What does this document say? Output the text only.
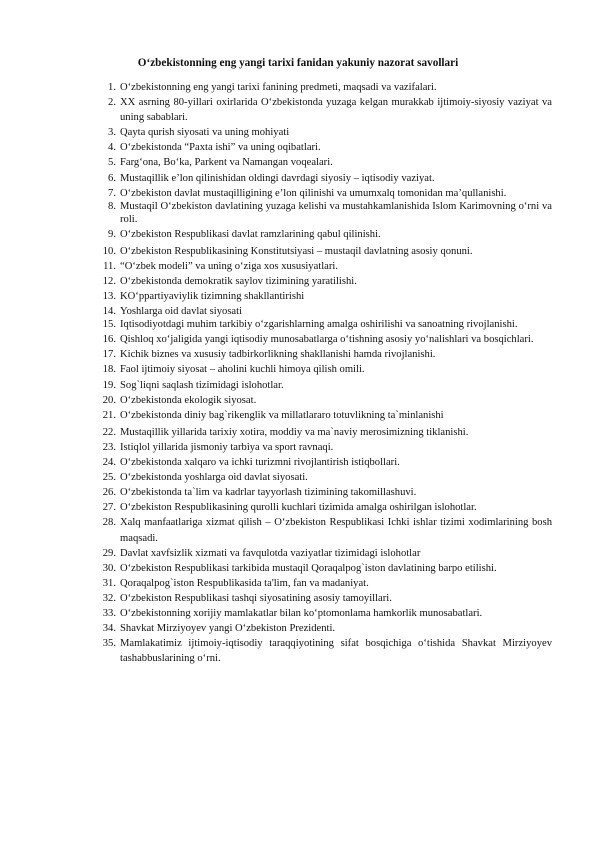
O‘zbekistonning eng yangi tarixi fanidan yakuniy nazorat savollari
1. O‘zbekistonning eng yangi tarixi fanining predmeti, maqsadi va vazifalari.
2. XX asrning 80-yillari oxirlarida O‘zbekistonda yuzaga kelgan murakkab ijtimoiy-siyosiy vaziyat va uning sabablari.
3. Qayta qurish siyosati va uning mohiyati
4. O‘zbekistonda “Paxta ishi” va uning oqibatlari.
5. Farg‘ona, Bo‘ka, Parkent va Namangan voqealari.
6. Mustaqillik e’lon qilinishidan oldingi davrdagi siyosiy – iqtisodiy vaziyat.
7. O‘zbekiston davlat mustaqilligining e’lon qilinishi va umumxalq tomonidan ma’qullanishi.
8. Mustaqil O‘zbekiston davlatining yuzaga kelishi va mustahkamlanishida Islom Karimovning o‘rni va roli.
9. O‘zbekiston Respublikasi davlat ramzlarining qabul qilinishi.
10. O‘zbekiston Respublikasining Konstitutsiyasi – mustaqil davlatning asosiy qonuni.
11. “O‘zbek modeli” va uning o‘ziga xos xususiyatlari.
12. O‘zbekistonda demokratik saylov tizimining yaratilishi.
13. KO‘ppartiyaviylik tizimning shakllantirishi
14. Yoshlarga oid davlat siyosati
15. Iqtisodiyotdagi muhim tarkibiy o‘zgarishlarning amalga oshirilishi va sanoatning rivojlanishi.
16. Qishloq xo‘jaligida yangi iqtisodiy munosabatlarga o‘tishning asosiy yo‘nalishlari va bosqichlari.
17. Kichik biznes va xususiy tadbirkorlikning shakllanishi hamda rivojlanishi.
18. Faol ijtimoiy siyosat – aholini kuchli himoya qilish omili.
19. Sog`liqni saqlash tizimidagi islohotlar.
20. O‘zbekistonda ekologik siyosat.
21. O‘zbekistonda diniy bag`rikenglik va millatlararo totuvlikning ta`minlanishi
22. Mustaqillik yillarida tarixiy xotira, moddiy va ma`naviy merosimizning tiklanishi.
23. Istiqlol yillarida jismoniy tarbiya va sport ravnaqi.
24. O‘zbekistonda xalqaro va ichki turizmni rivojlantirish istiqbollari.
25. O‘zbekistonda yoshlarga oid davlat siyosati.
26. O‘zbekistonda ta`lim va kadrlar tayyorlash tizimining takomillashuvi.
27. O‘zbekiston Respublikasining qurolli kuchlari tizimida amalga oshirilgan islohotlar.
28. Xalq manfaatlariga xizmat qilish – O‘zbekiston Respublikasi Ichki ishlar tizimi xodimlarining bosh maqsadi.
29. Davlat xavfsizlik xizmati va favqulotda vaziyatlar tizimidagi islohotlar
30. O‘zbekiston Respublikasi tarkibida mustaqil Qoraqalpog`iston davlatining barpo etilishi.
31. Qoraqalpog`iston Respublikasida ta'lim, fan va madaniyat.
32. O‘zbekiston Respublikasi tashqi siyosatining asosiy tamoyillari.
33. O‘zbekistonning xorijiy mamlakatlar bilan ko‘ptomonlama hamkorlik munosabatlari.
34. Shavkat Mirziyoyev yangi O‘zbekiston Prezidenti.
35. Mamlakatimiz ijtimoiy-iqtisodiy taraqqiyotining sifat bosqichiga o‘tishida Shavkat Mirziyoyev tashabbuslarining o‘rni.
